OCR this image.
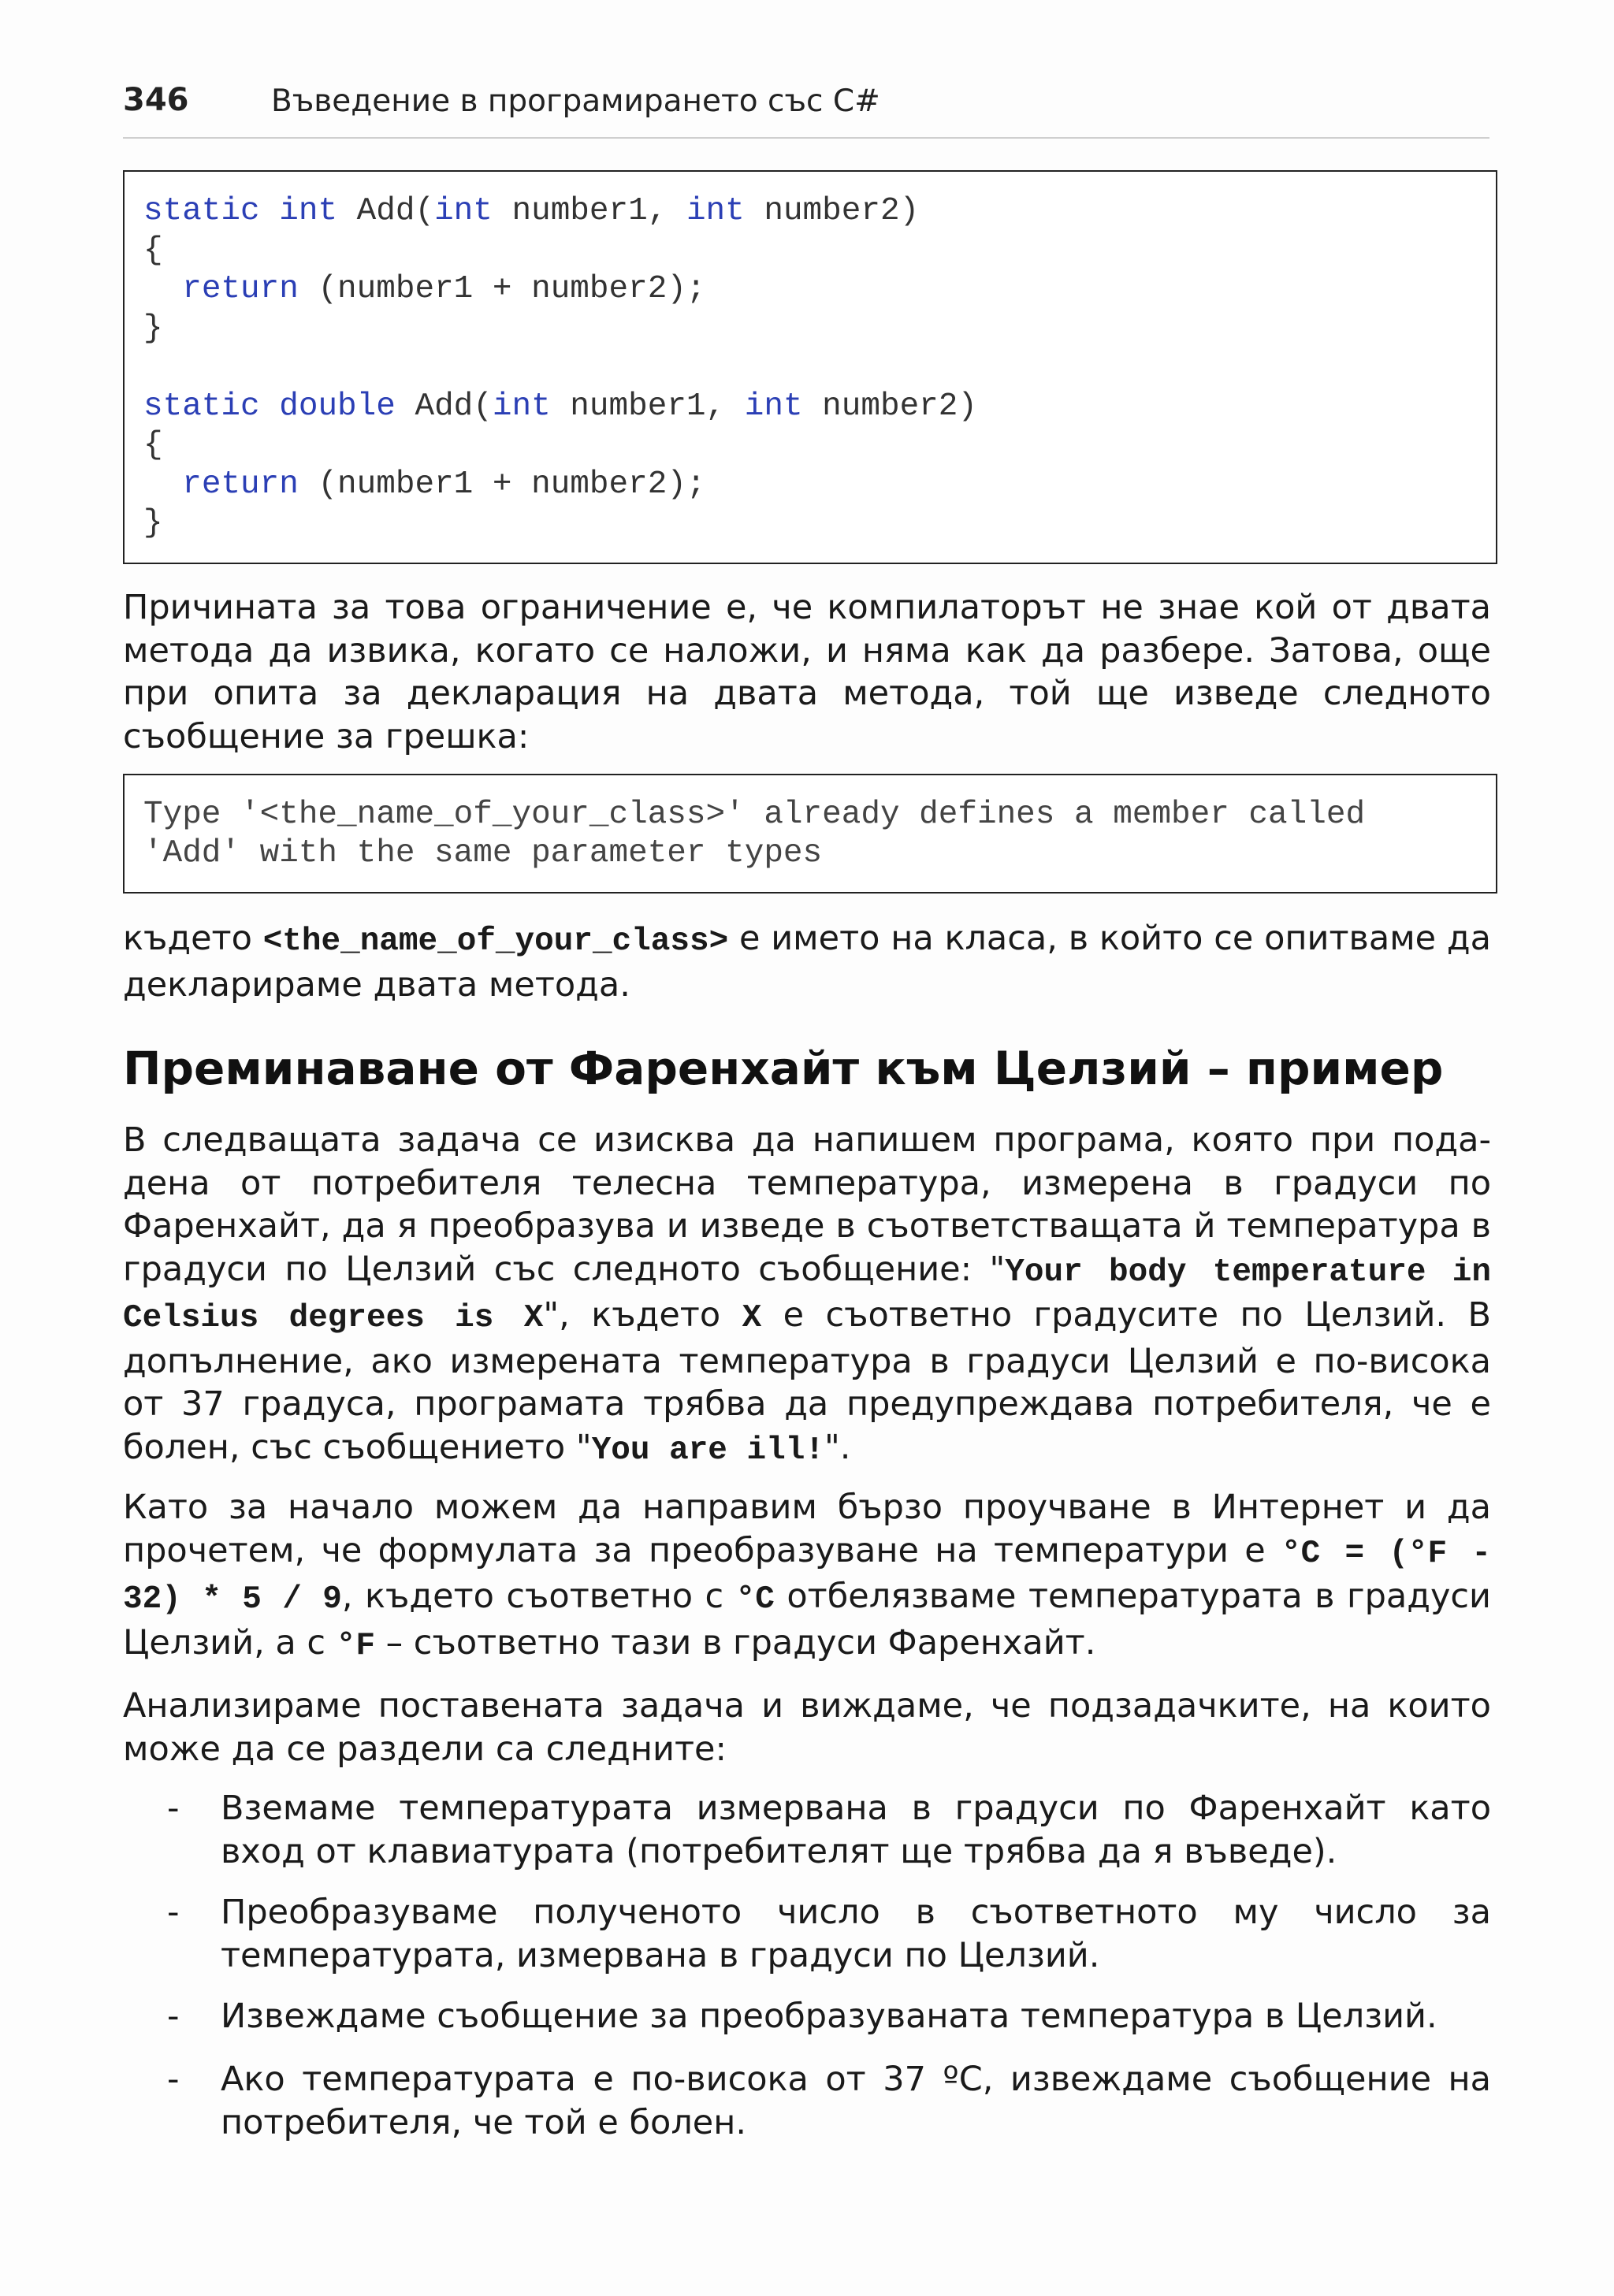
346	Въведение в програмирането със C#
static int Add(int number1, int number2)
{
return (number1 + number2);
}
static double Add(int number1, int number2)
{
return (number1 + number2);
}
Причината за това ограничение е, че компилаторът не знае кой от двата метода да извика, когато се наложи, и няма как да разбере. Затова, още при опита за декларация на двата метода, той ще изведе следното съобщение за грешка:
Type '<the_name_of_your_class>' already defines a member called
'Add' with the same parameter types
където <the_name_of_your_class> е името на класа, в който се опитваме да декларираме двата метода.
Преминаване от Фаренхайт към Целзий – пример
В следващата задача се изисква да напишем програма, която при пода-дена от потребителя телесна температура, измерена в градуси по Фаренхайт, да я преобразува и изведе в съответстващата й температура в градуси по Целзий със следното съобщение: "Your body temperature in Celsius degrees is X", където X е съответно градусите по Целзий. В допълнение, ако измерената температура в градуси Целзий е по-висока от 37 градуса, програмата трябва да предупреждава потребителя, че е болен, със съобщението "You are ill!".
Като за начало можем да направим бързо проучване в Интернет и да прочетем, че формулата за преобразуване на температури е °C = (°F - 32) * 5 / 9, където съответно с °C отбелязваме температурата в градуси Целзий, а с °F – съответно тази в градуси Фаренхайт.
Анализираме поставената задача и виждаме, че подзадачките, на които може да се раздели са следните:
- Вземаме температурата измервана в градуси по Фаренхайт като вход от клавиатурата (потребителят ще трябва да я въведе).
- Преобразуваме полученото число в съответното му число за температурата, измервана в градуси по Целзий.
- Извеждаме съобщение за преобразуваната температура в Целзий.
- Ако температурата е по-висока от 37 ºC, извеждаме съобщение на потребителя, че той е болен.
